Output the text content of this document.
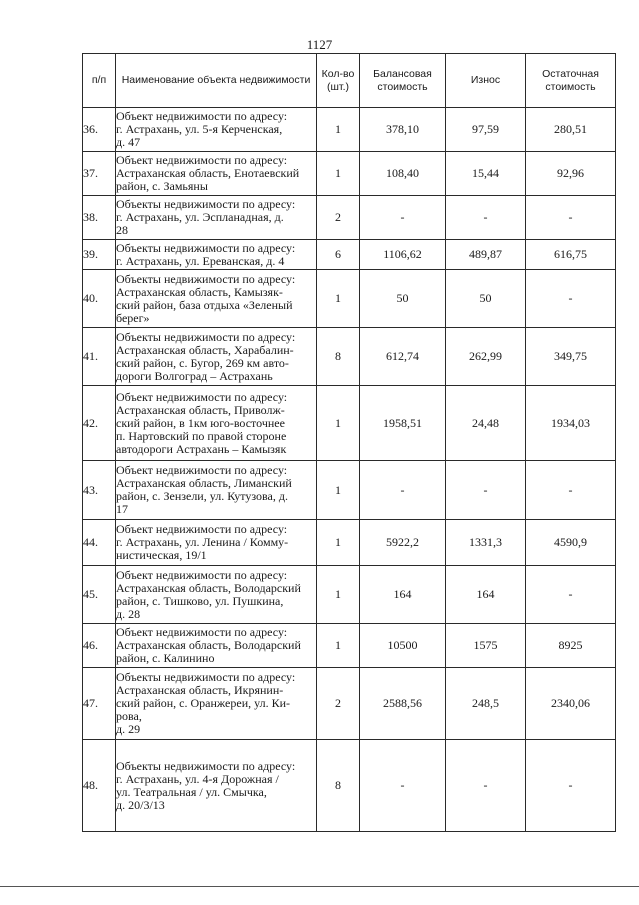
1127
п/п	Наименование объекта недвижимости	Кол-во (шт.)	Балансовая стоимость	Износ	Остаточная стоимость
36.	Объект недвижимости по адресу:
г. Астрахань, ул. 5-я Керченская,
д. 47	1	378,10	97,59	280,51
37.	Объект недвижимости по адресу:
Астраханская область, Енотаевский
район, с. Замьяны	1	108,40	15,44	92,96
38.	Объекты недвижимости по адресу:
г. Астрахань, ул. Эспланадная, д.
28	2	-	-	-
39.	Объекты недвижимости по адресу:
г. Астрахань, ул. Ереванская, д. 4	6	1106,62	489,87	616,75
40.	Объекты недвижимости по адресу:
Астраханская область, Камызяк-
ский район, база отдыха «Зеленый
берег»	1	50	50	-
41.	Объекты недвижимости по адресу:
Астраханская область, Харабалин-
ский район, с. Бугор, 269 км авто-
дороги Волгоград – Астрахань	8	612,74	262,99	349,75
42.	Объект недвижимости по адресу:
Астраханская область, Приволж-
ский район, в 1км юго-восточнее
п. Нартовский по правой стороне
автодороги Астрахань – Камызяк	1	1958,51	24,48	1934,03
43.	Объект недвижимости по адресу:
Астраханская область, Лиманский
район, с. Зензели, ул. Кутузова, д.
17	1	-	-	-
44.	Объект недвижимости по адресу:
г. Астрахань, ул. Ленина / Комму-
нистическая, 19/1	1	5922,2	1331,3	4590,9
45.	Объект недвижимости по адресу:
Астраханская область, Володарский
район, с. Тишково, ул. Пушкина,
д. 28	1	164	164	-
46.	Объект недвижимости по адресу:
Астраханская область, Володарский
район, с. Калинино	1	10500	1575	8925
47.	Объекты недвижимости по адресу:
Астраханская область, Икрянин-
ский район, с. Оранжереи, ул. Ки-
рова,
д. 29	2	2588,56	248,5	2340,06
48.	Объекты недвижимости по адресу:
г. Астрахань, ул. 4-я Дорожная /
ул. Театральная / ул. Смычка,
д. 20/3/13	8	-	-	-
